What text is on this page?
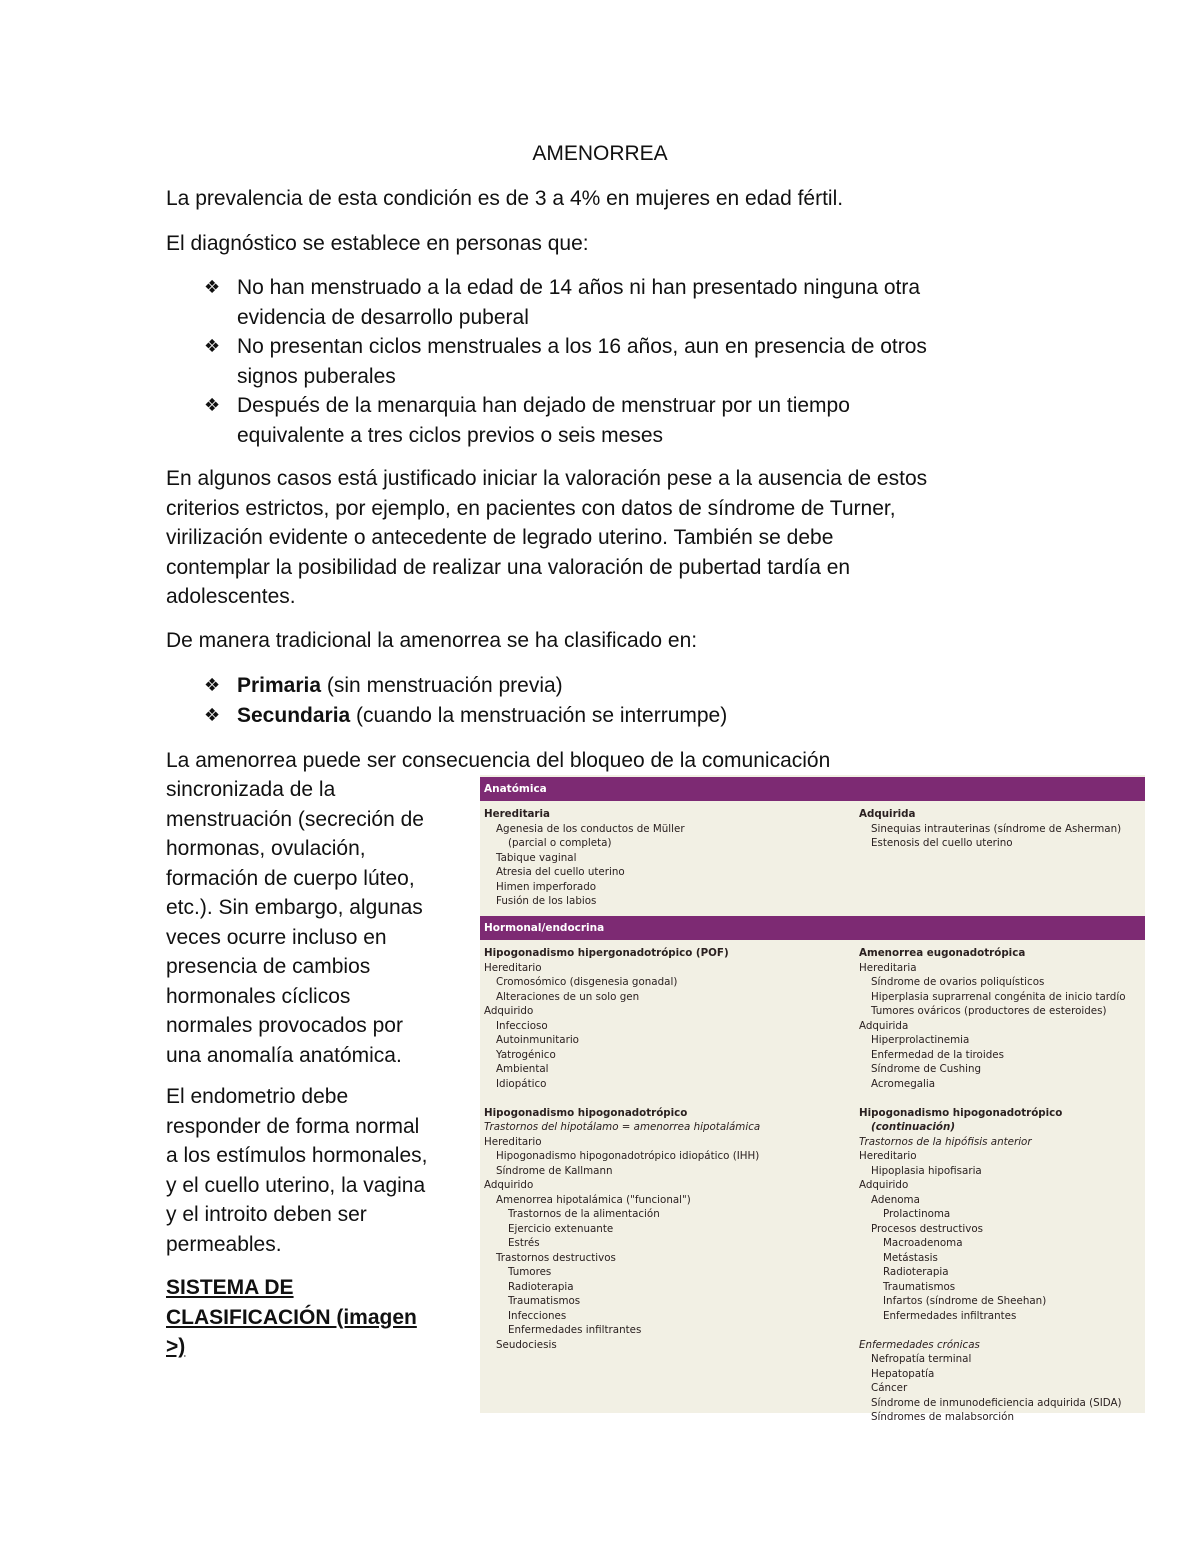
AMENORREA

La prevalencia de esta condición es de 3 a 4% en mujeres en edad fértil.

El diagnóstico se establece en personas que:

❖ No han menstruado a la edad de 14 años ni han presentado ninguna otra
evidencia de desarrollo puberal
❖ No presentan ciclos menstruales a los 16 años, aun en presencia de otros
signos puberales
❖ Después de la menarquia han dejado de menstruar por un tiempo
equivalente a tres ciclos previos o seis meses

En algunos casos está justificado iniciar la valoración pese a la ausencia de estos
criterios estrictos, por ejemplo, en pacientes con datos de síndrome de Turner,
virilización evidente o antecedente de legrado uterino. También se debe
contemplar la posibilidad de realizar una valoración de pubertad tardía en
adolescentes.

De manera tradicional la amenorrea se ha clasificado en:

❖ Primaria (sin menstruación previa)
❖ Secundaria (cuando la menstruación se interrumpe)

La amenorrea puede ser consecuencia del bloqueo de la comunicación

sincronizada de la
menstruación (secreción de
hormonas, ovulación,
formación de cuerpo lúteo,
etc.). Sin embargo, algunas
veces ocurre incluso en
presencia de cambios
hormonales cíclicos
normales provocados por
una anomalía anatómica.

El endometrio debe
responder de forma normal
a los estímulos hormonales,
y el cuello uterino, la vagina
y el introito deben ser
permeables.

SISTEMA DE
CLASIFICACIÓN (imagen
>)
Anatómica
Hereditaria
Agenesia de los conductos de Müller
(parcial o completa)
Tabique vaginal
Atresia del cuello uterino
Himen imperforado
Fusión de los labios
Adquirida
Sinequias intrauterinas (síndrome de Asherman)
Estenosis del cuello uterino
Hormonal/endocrina
Hipogonadismo hipergonadotrópico (POF)
Hereditario
Cromosómico (disgenesia gonadal)
Alteraciones de un solo gen
Adquirido
Infeccioso
Autoinmunitario
Yatrogénico
Ambiental
Idiopático

Hipogonadismo hipogonadotrópico
Trastornos del hipotálamo = amenorrea hipotalámica
Hereditario
Hipogonadismo hipogonadotrópico idiopático (IHH)
Síndrome de Kallmann
Adquirido
Amenorrea hipotalámica ("funcional")
Trastornos de la alimentación
Ejercicio extenuante
Estrés
Trastornos destructivos
Tumores
Radioterapia
Traumatismos
Infecciones
Enfermedades infiltrantes
Seudociesis
Amenorrea eugonadotrópica
Hereditaria
Síndrome de ovarios poliquísticos
Hiperplasia suprarrenal congénita de inicio tardío
Tumores ováricos (productores de esteroides)
Adquirida
Hiperprolactinemia
Enfermedad de la tiroides
Síndrome de Cushing
Acromegalia

Hipogonadismo hipogonadotrópico
(continuación)
Trastornos de la hipófisis anterior
Hereditario
Hipoplasia hipofisaria
Adquirido
Adenoma
Prolactinoma
Procesos destructivos
Macroadenoma
Metástasis
Radioterapia
Traumatismos
Infartos (síndrome de Sheehan)
Enfermedades infiltrantes

Enfermedades crónicas
Nefropatía terminal
Hepatopatía
Cáncer
Síndrome de inmunodeficiencia adquirida (SIDA)
Síndromes de malabsorción
